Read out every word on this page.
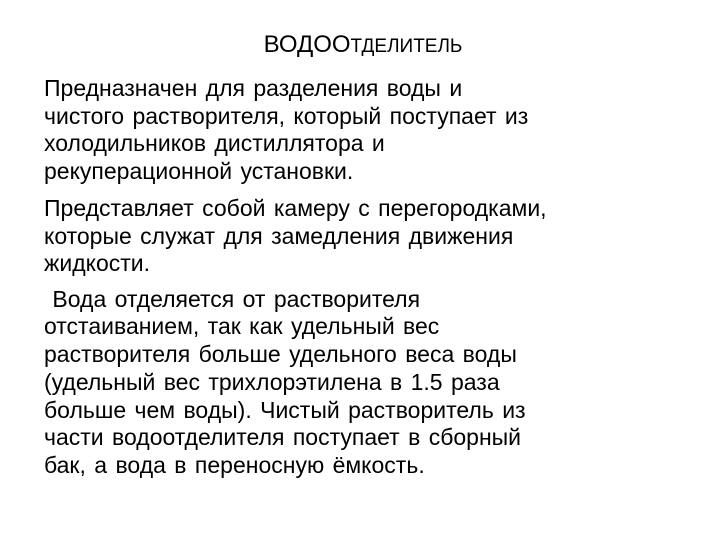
ВОДООТДЕЛИТЕЛЬ

Предназначен для разделения воды и
чистого растворителя, который поступает из
холодильников дистиллятора и
рекуперационной установки.

Представляет собой камеру с перегородками,
которые служат для замедления движения
жидкости.

Вода отделяется от растворителя
отстаиванием, так как удельный вес
растворителя больше удельного веса воды
(удельный вес трихлорэтилена в 1.5 раза
больше чем воды). Чистый растворитель из
части водоотделителя поступает в сборный
бак, а вода в переносную ёмкость.
